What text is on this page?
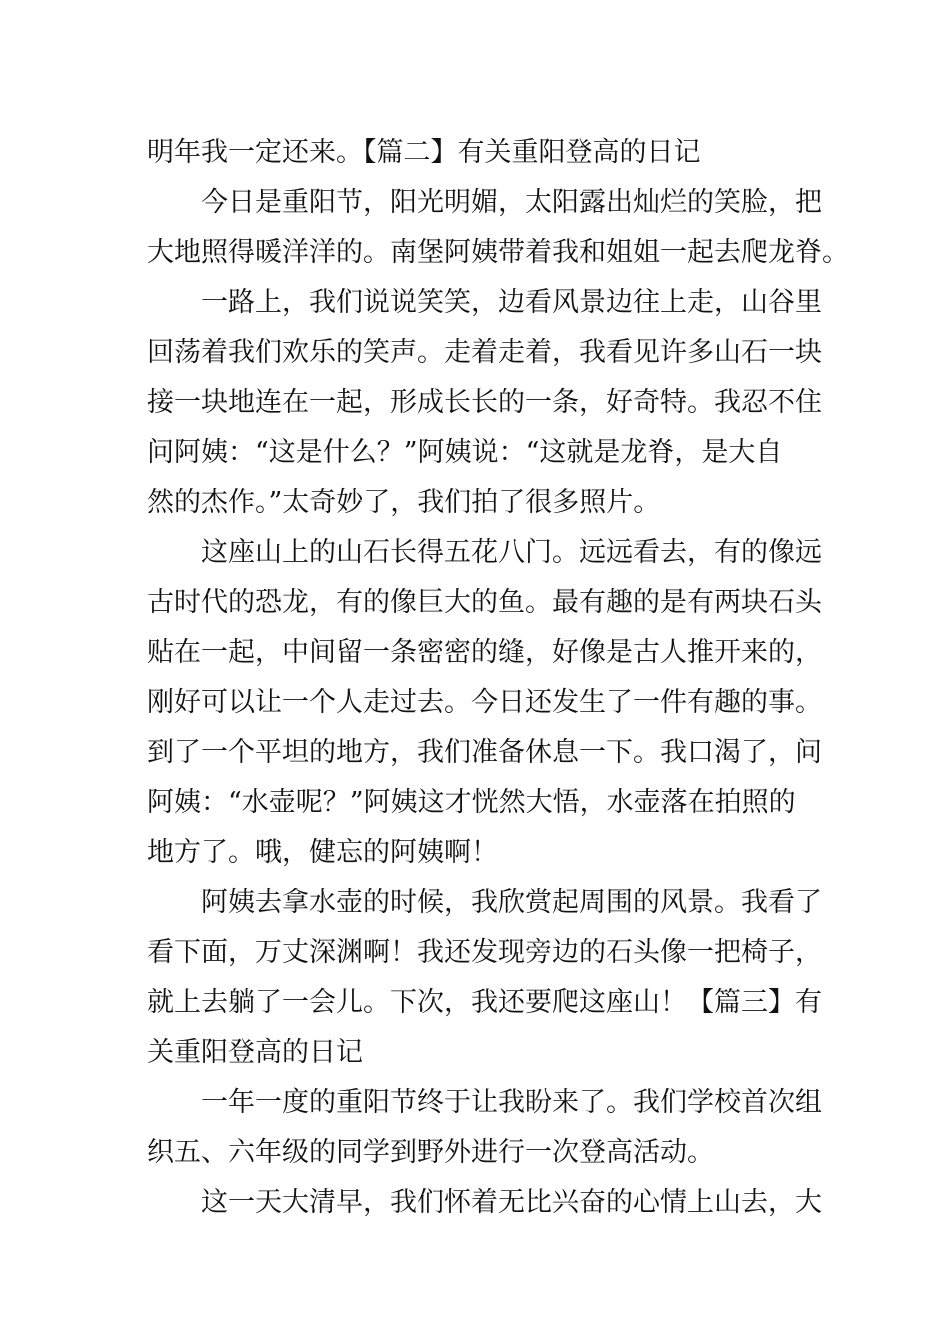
明年我一定还来。【篇二】有关重阳登高的日记
今日是重阳节，阳光明媚，太阳露出灿烂的笑脸，把
大地照得暖洋洋的。南堡阿姨带着我和姐姐一起去爬龙脊。
一路上，我们说说笑笑，边看风景边往上走，山谷里
回荡着我们欢乐的笑声。走着走着，我看见许多山石一块
接一块地连在一起，形成长长的一条，好奇特。我忍不住
问阿姨：“这是什么？”阿姨说：“这就是龙脊，是大自
然的杰作。”太奇妙了，我们拍了很多照片。
这座山上的山石长得五花八门。远远看去，有的像远
古时代的恐龙，有的像巨大的鱼。最有趣的是有两块石头
贴在一起，中间留一条密密的缝，好像是古人推开来的，
刚好可以让一个人走过去。今日还发生了一件有趣的事。
到了一个平坦的地方，我们准备休息一下。我口渴了，问
阿姨：“水壶呢？”阿姨这才恍然大悟，水壶落在拍照的
地方了。哦，健忘的阿姨啊！
阿姨去拿水壶的时候，我欣赏起周围的风景。我看了
看下面，万丈深渊啊！我还发现旁边的石头像一把椅子，
就上去躺了一会儿。下次，我还要爬这座山！【篇三】有
关重阳登高的日记
一年一度的重阳节终于让我盼来了。我们学校首次组
织五、六年级的同学到野外进行一次登高活动。
这一天大清早，我们怀着无比兴奋的心情上山去，大
